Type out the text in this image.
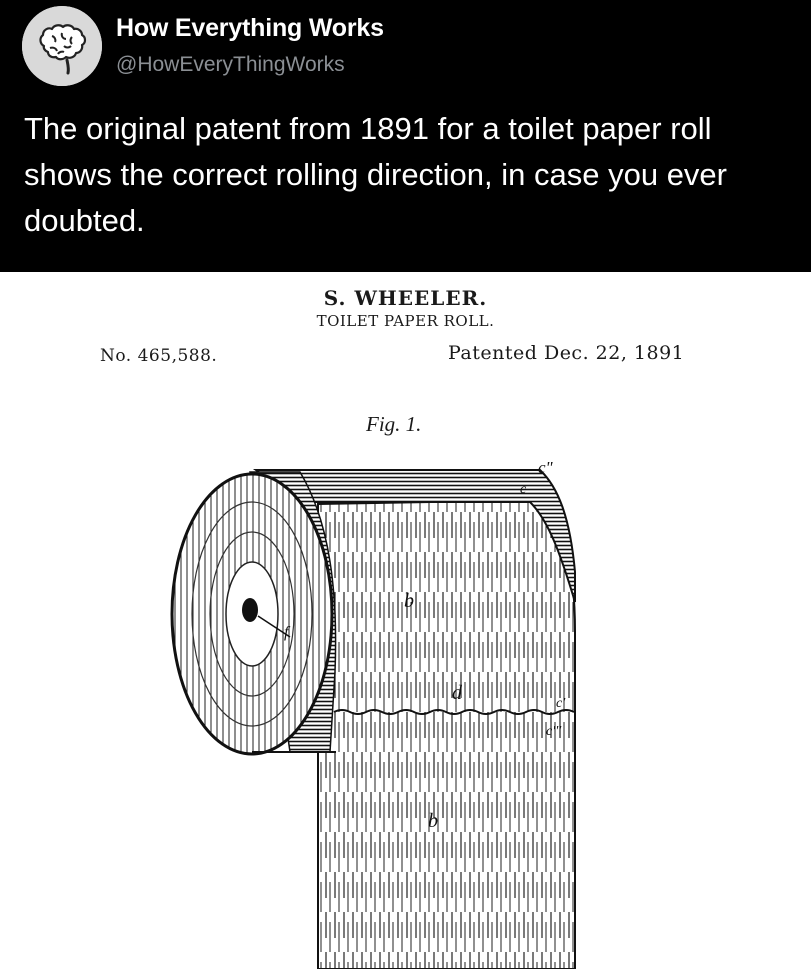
How Everything Works
@HowEveryThingWorks
The original patent from 1891 for a toilet paper roll shows the correct rolling direction, in case you ever doubted.
S. WHEELER.
TOILET PAPER ROLL.
No. 465,588.	Patented Dec. 22, 1891
Fig. 1.
b
b
d
c"
c
c'
c'''
f
